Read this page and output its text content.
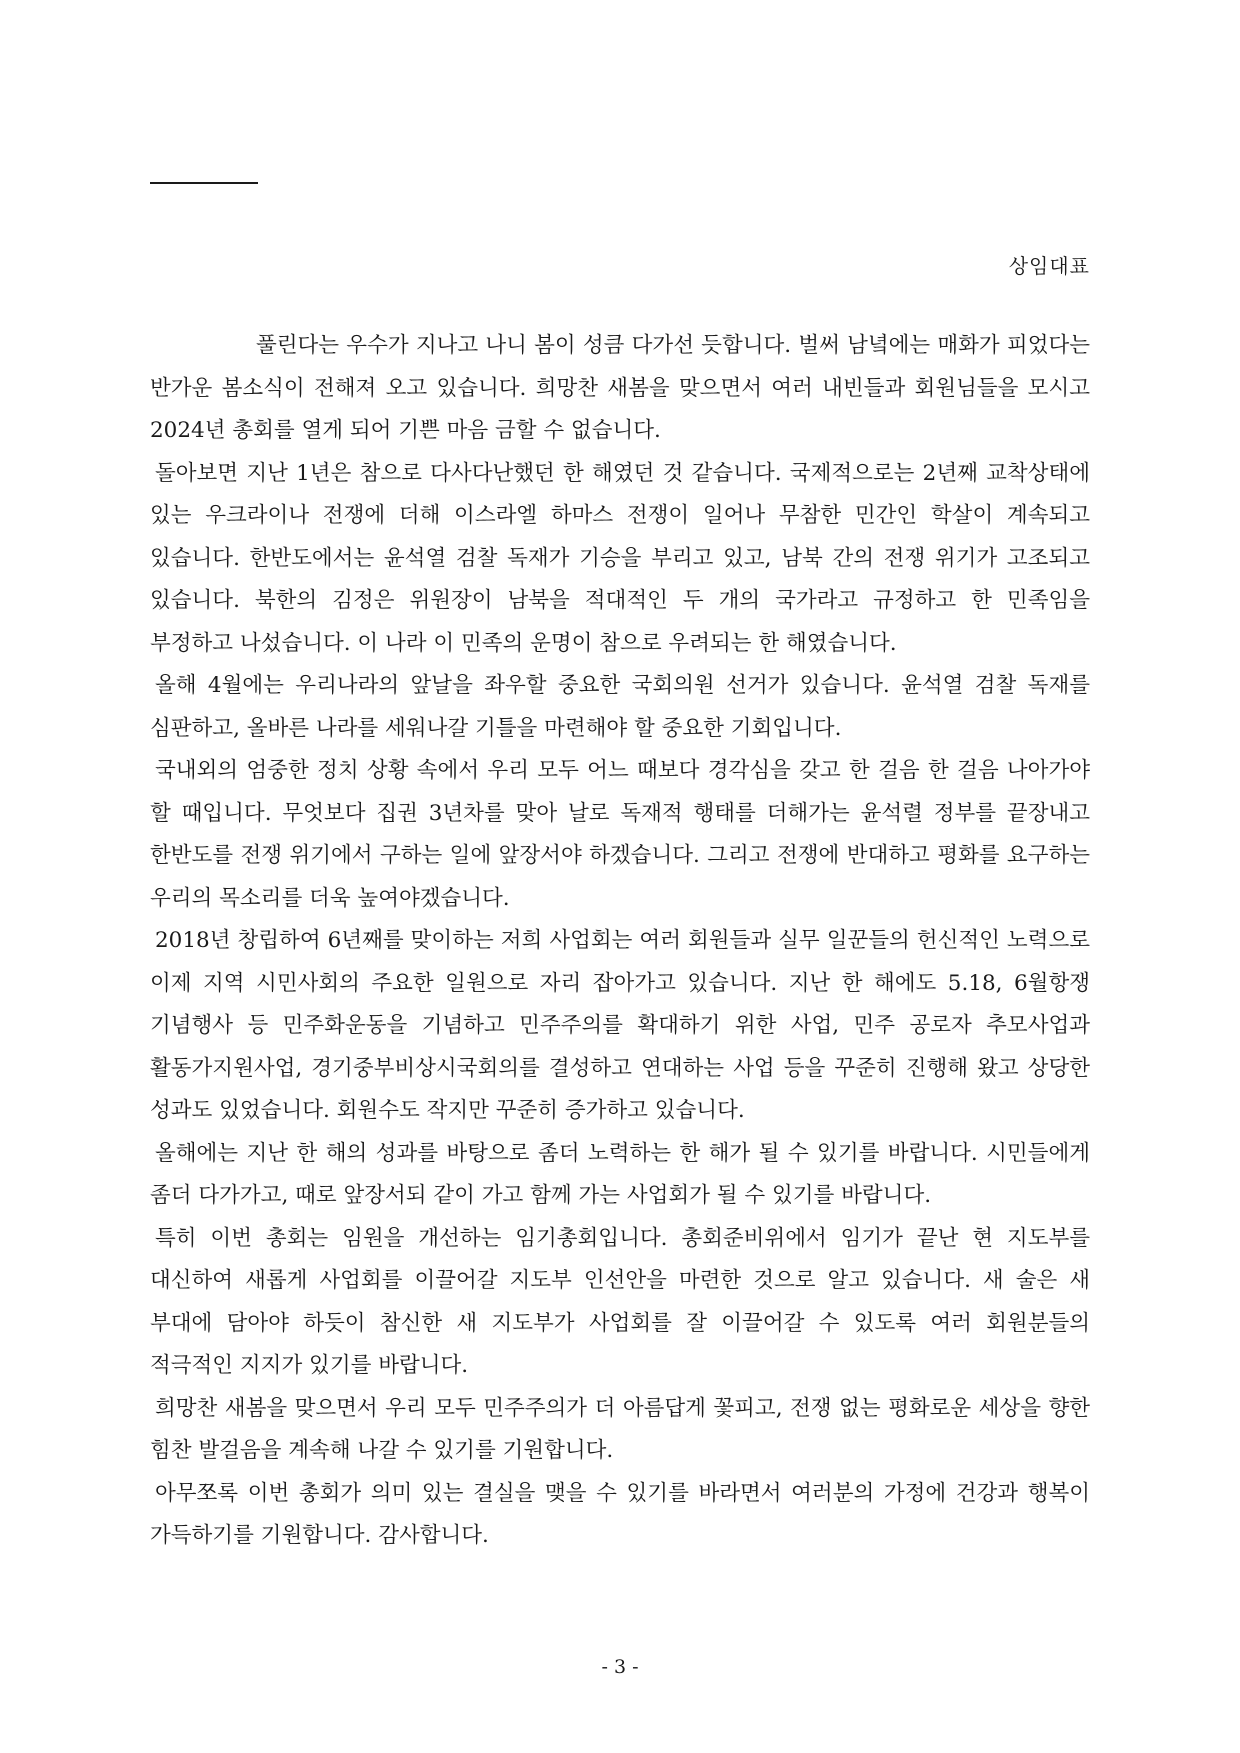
상임대표

풀린다는 우수가 지나고 나니 봄이 성큼 다가선 듯합니다. 벌써 남녘에는 매화가 피었다는 반가운 봄소식이 전해져 오고 있습니다. 희망찬 새봄을 맞으면서 여러 내빈들과 회원님들을 모시고 2024년 총회를 열게 되어 기쁜 마음 금할 수 없습니다.

돌아보면 지난 1년은 참으로 다사다난했던 한 해였던 것 같습니다. 국제적으로는 2년째 교착상태에 있는 우크라이나 전쟁에 더해 이스라엘 하마스 전쟁이 일어나 무참한 민간인 학살이 계속되고 있습니다. 한반도에서는 윤석열 검찰 독재가 기승을 부리고 있고, 남북 간의 전쟁 위기가 고조되고 있습니다. 북한의 김정은 위원장이 남북을 적대적인 두 개의 국가라고 규정하고 한 민족임을 부정하고 나섰습니다. 이 나라 이 민족의 운명이 참으로 우려되는 한 해였습니다.

올해 4월에는 우리나라의 앞날을 좌우할 중요한 국회의원 선거가 있습니다. 윤석열 검찰 독재를 심판하고, 올바른 나라를 세워나갈 기틀을 마련해야 할 중요한 기회입니다.

국내외의 엄중한 정치 상황 속에서 우리 모두 어느 때보다 경각심을 갖고 한 걸음 한 걸음 나아가야 할 때입니다. 무엇보다 집권 3년차를 맞아 날로 독재적 행태를 더해가는 윤석렬 정부를 끝장내고 한반도를 전쟁 위기에서 구하는 일에 앞장서야 하겠습니다. 그리고 전쟁에 반대하고 평화를 요구하는 우리의 목소리를 더욱 높여야겠습니다.

2018년 창립하여 6년째를 맞이하는 저희 사업회는 여러 회원들과 실무 일꾼들의 헌신적인 노력으로 이제 지역 시민사회의 주요한 일원으로 자리 잡아가고 있습니다. 지난 한 해에도 5.18, 6월항쟁 기념행사 등 민주화운동을 기념하고 민주주의를 확대하기 위한 사업, 민주 공로자 추모사업과 활동가지원사업, 경기중부비상시국회의를 결성하고 연대하는 사업 등을 꾸준히 진행해 왔고 상당한 성과도 있었습니다. 회원수도 작지만 꾸준히 증가하고 있습니다.

올해에는 지난 한 해의 성과를 바탕으로 좀더 노력하는 한 해가 될 수 있기를 바랍니다. 시민들에게 좀더 다가가고, 때로 앞장서되 같이 가고 함께 가는 사업회가 될 수 있기를 바랍니다.

특히 이번 총회는 임원을 개선하는 임기총회입니다. 총회준비위에서 임기가 끝난 현 지도부를 대신하여 새롭게 사업회를 이끌어갈 지도부 인선안을 마련한 것으로 알고 있습니다. 새 술은 새 부대에 담아야 하듯이 참신한 새 지도부가 사업회를 잘 이끌어갈 수 있도록 여러 회원분들의 적극적인 지지가 있기를 바랍니다.

희망찬 새봄을 맞으면서 우리 모두 민주주의가 더 아름답게 꽃피고, 전쟁 없는 평화로운 세상을 향한 힘찬 발걸음을 계속해 나갈 수 있기를 기원합니다.

아무쪼록 이번 총회가 의미 있는 결실을 맺을 수 있기를 바라면서 여러분의 가정에 건강과 행복이 가득하기를 기원합니다. 감사합니다.

- 3 -
